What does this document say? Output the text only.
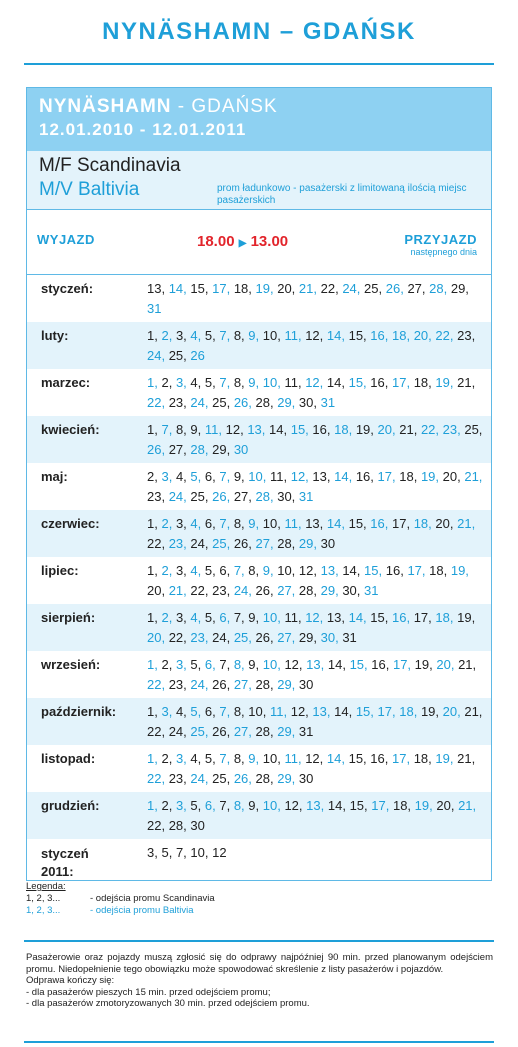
NYNÄSHAMN – GDAŃSK
NYNÄSHAMN - GDAŃSK
12.01.2010 - 12.01.2011
M/F Scandinavia
M/V Baltivia	prom ładunkowo - pasażerski z limitowaną ilością miejsc pasażerskich
WYJAZD	18.00 ▶ 13.00	PRZYJAZD
następnego dnia
styczeń:	13, 14, 15, 17, 18, 19, 20, 21, 22, 24, 25, 26, 27, 28, 29, 31
luty:	1, 2, 3, 4, 5, 7, 8, 9, 10, 11, 12, 14, 15, 16, 18, 20, 22, 23, 24, 25, 26
marzec:	1, 2, 3, 4, 5, 7, 8, 9, 10, 11, 12, 14, 15, 16, 17, 18, 19, 21, 22, 23, 24, 25, 26, 28, 29, 30, 31
kwiecień:	1, 7, 8, 9, 11, 12, 13, 14, 15, 16, 18, 19, 20, 21, 22, 23, 25, 26, 27, 28, 29, 30
maj:	2, 3, 4, 5, 6, 7, 9, 10, 11, 12, 13, 14, 16, 17, 18, 19, 20, 21, 23, 24, 25, 26, 27, 28, 30, 31
czerwiec:	1, 2, 3, 4, 6, 7, 8, 9, 10, 11, 13, 14, 15, 16, 17, 18, 20, 21, 22, 23, 24, 25, 26, 27, 28, 29, 30
lipiec:	1, 2, 3, 4, 5, 6, 7, 8, 9, 10, 12, 13, 14, 15, 16, 17, 18, 19, 20, 21, 22, 23, 24, 26, 27, 28, 29, 30, 31
sierpień:	1, 2, 3, 4, 5, 6, 7, 9, 10, 11, 12, 13, 14, 15, 16, 17, 18, 19, 20, 22, 23, 24, 25, 26, 27, 29, 30, 31
wrzesień:	1, 2, 3, 5, 6, 7, 8, 9, 10, 12, 13, 14, 15, 16, 17, 19, 20, 21, 22, 23, 24, 26, 27, 28, 29, 30
październik: 1, 3, 4, 5, 6, 7, 8, 10, 11, 12, 13, 14, 15, 17, 18, 19, 20, 21, 22, 24, 25, 26, 27, 28, 29, 31
listopad:	1, 2, 3, 4, 5, 7, 8, 9, 10, 11, 12, 14, 15, 16, 17, 18, 19, 21, 22, 23, 24, 25, 26, 28, 29, 30
grudzień:	1, 2, 3, 5, 6, 7, 8, 9, 10, 12, 13, 14, 15, 17, 18, 19, 20, 21, 22, 28, 30
styczeń
2011:
3, 5, 7, 10, 12
Legenda:
1, 2, 3...	- odejścia promu Scandinavia
1, 2, 3...	- odejścia promu Baltivia

Pasażerowie oraz pojazdy muszą zgłosić się do odprawy najpóźniej 90 min. przed planowanym odejściem promu. Niedopełnienie tego obowiązku może spowodować skreślenie z listy pasażerów i pojazdów.

Odprawa kończy się:

- dla pasażerów pieszych 15 min. przed odejściem promu;

- dla pasażerów zmotoryzowanych 30 min. przed odejściem promu.
